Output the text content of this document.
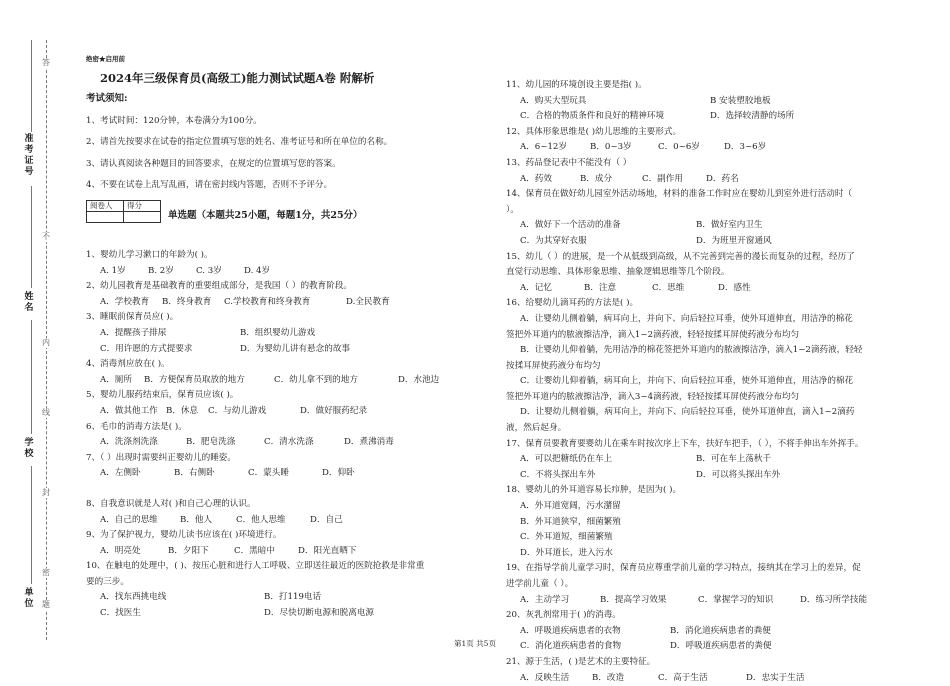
答
不
内
线
封
密
题
准考证号
姓名
学校
单位
绝密★启用前
2024年三级保育员(高级工)能力测试试题A卷 附解析
考试须知:
1、考试时间：120分钟，本卷满分为100分。
2、请首先按要求在试卷的指定位置填写您的姓名、准考证号和所在单位的名称。
3、请认真阅读各种题目的回答要求，在规定的位置填写您的答案。
4、不要在试卷上乱写乱画，请在密封线内答题，否则不予评分。
阅卷人	得分

单选题（本题共25小题，每题1分，共25分）
1、婴幼儿学习漱口的年龄为( )。
A. 1岁	B. 2岁	C. 3岁	D. 4岁
2、幼儿园教育是基础教育的重要组成部分，是我国（ ）的教育阶段。
A．学校教育 B．终身教育 C.学校教育和终身教育	D.全民教育
3、睡眠前保育员应( )。
A．提醒孩子排尿	B．组织婴幼儿游戏
C．用许愿的方式提要求	D．为婴幼儿讲有悬念的故事
4、消毒剂应放在( )。
A．厕所 B．方便保育员取放的地方	C．幼儿拿不到的地方	D．水池边
5、婴幼儿服药结束后，保育员应该( )。
A．做其他工作 B．休息 C．与幼儿游戏	D．做好服药纪录
6、毛巾的消毒方法是( )。
A．洗涤剂洗涤	B．肥皂洗涤	C．清水洗涤	D．煮沸消毒
7、（ ）出现时需要纠正婴幼儿的睡姿。
A．左侧卧	B．右侧卧	C．蒙头睡	D．仰卧
8、自我意识就是人对( )和自己心理的认识。
A．自己的思维	B．他人	C．他人思维	D．自己
9、为了保护视力，婴幼儿读书应该在( )环境进行。
A．明亮处	B．夕阳下	C．黑暗中	D．阳光直晒下
10、在触电的处理中，( )、按压心脏和进行人工呼吸、立即送往最近的医院抢救是非常重
要的三步。
A．找东西挑电线	B．打119电话
C．找医生	D．尽快切断电源和脱离电源
11、幼儿园的环境创设主要是指( )。
A．购买大型玩具	B 安装塑胶地板
C．合格的物质条件和良好的精神环境	D．选择较清静的场所
12、具体形象思维是( )幼儿思维的主要形式。
A．6~12岁	B．0~3岁	C．0~6岁	D．3~6岁
13、药品登记表中不能没有（ ）
A．药效	B．成分	C．副作用	D．药名
14、保育员在做好幼儿园室外活动场地，材料的准备工作时应在婴幼儿到室外进行活动时（
）。
A．做好下一个活动的准备	B．做好室内卫生
C．为其穿好衣服	D．为班里开窗通风
15、幼儿（ ）的进展，是一个从低级到高级，从不完善到完善的漫长而复杂的过程，经历了
直觉行动思维、具体形象思维、抽象逻辑思维等几个阶段。
A．记忆	B．注意	C．思维	D．感性
16、给婴幼儿滴耳药的方法是( )。
A．让婴幼儿侧着躺，病耳向上，并向下、向后轻拉耳垂，使外耳道伸直，用洁净的棉花
签把外耳道内的脓液擦洁净，滴入1~2滴药液，轻轻按揉耳屏使药液分布均匀
B．让婴幼儿仰着躺，先用洁净的棉花签把外耳道内的脓液擦洁净，滴入1~2滴药液，轻轻
按揉耳屏使药液分布均匀
C．让婴幼儿仰着躺，病耳向上，并向下、向后轻拉耳垂，使外耳道伸直，用洁净的棉花
签把外耳道内的脓液擦洁净，滴入3~4滴药液，轻轻按揉耳屏使药液分布均匀
D．让婴幼儿侧着躺，病耳向上，并向下、向后轻拉耳垂，使外耳道伸直，滴入1~2滴药
液，然后起身。
17、保育员要教育要婴幼儿在乘车时按次序上下车，扶好车把手，（ ），不将手伸出车外挥手。
A．可以把糖纸仍在车上	B．可在车上荡秋千
C．不将头探出车外	D．可以将头探出车外
18、婴幼儿的外耳道容易长疖肿，是因为( )。
A．外耳道宽阔，污水潴留
B．外耳道狭窄，细菌繁殖
C．外耳道短，细菌繁殖
D．外耳道长，进入污水
19、在指导学前儿童学习时，保育员应尊重学前儿童的学习特点，接纳其在学习上的差异，促
进学前儿童（ ）。
A．主动学习	B．提高学习效果	C．掌握学习的知识	D．练习所学技能
20、灰乳剂常用于( )的消毒。
A．呼吸道疾病患者的衣物	B．消化道疾病患者的粪便
C．消化道疾病患者的食物	D．呼吸道疾病患者的粪便
21、源于生活，( )是艺术的主要特征。
A．反映生活	B．改造	C．高于生活	D．忠实于生活
第1页 共5页
